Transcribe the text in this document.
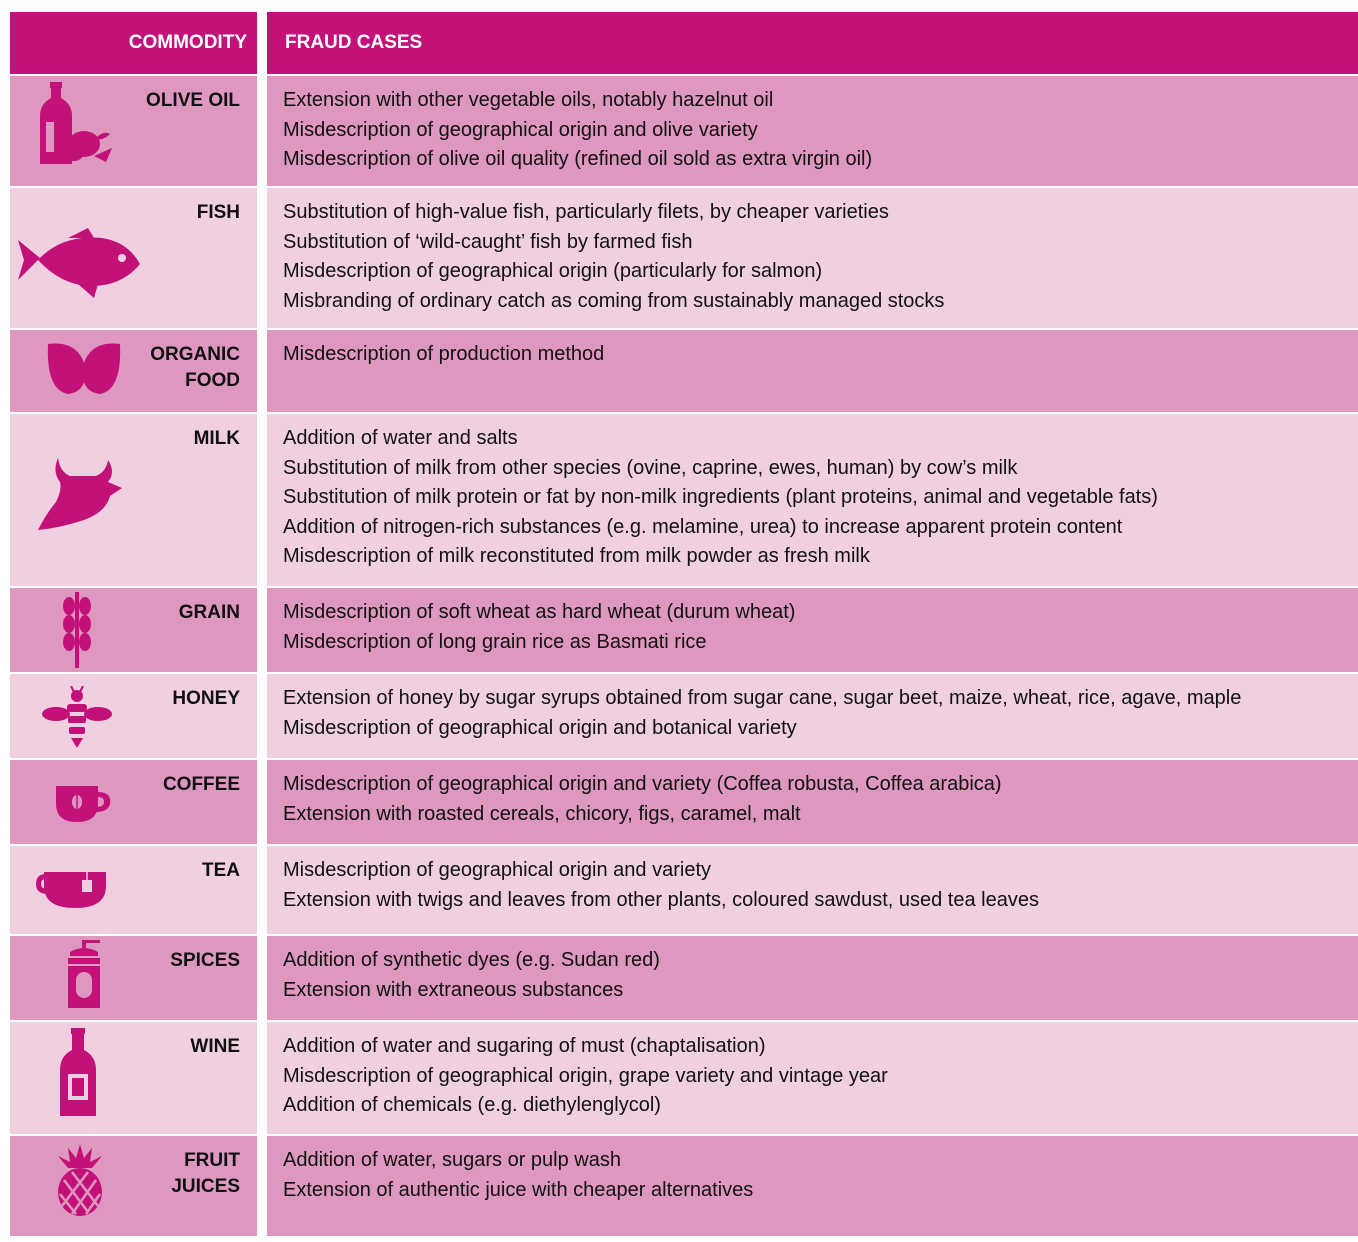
COMMODITY	FRAUD CASES
OLIVE OIL Extension with other vegetable oils, notably hazelnut oil
Misdescription of geographical origin and olive variety
Misdescription of olive oil quality (refined oil sold as extra virgin oil)
FISH Substitution of high-value fish, particularly filets, by cheaper varieties
Substitution of ‘wild-caught’ fish by farmed fish
Misdescription of geographical origin (particularly for salmon)
Misbranding of ordinary catch as coming from sustainably managed stocks
ORGANIC
FOOD
Misdescription of production method
MILK Addition of water and salts
Substitution of milk from other species (ovine, caprine, ewes, human) by cow’s milk
Substitution of milk protein or fat by non-milk ingredients (plant proteins, animal and vegetable fats)
Addition of nitrogen-rich substances (e.g. melamine, urea) to increase apparent protein content
Misdescription of milk reconstituted from milk powder as fresh milk
GRAIN Misdescription of soft wheat as hard wheat (durum wheat)
Misdescription of long grain rice as Basmati rice
HONEY Extension of honey by sugar syrups obtained from sugar cane, sugar beet, maize, wheat, rice, agave, maple
Misdescription of geographical origin and botanical variety
COFFEE Misdescription of geographical origin and variety (Coffea robusta, Coffea arabica)
Extension with roasted cereals, chicory, figs, caramel, malt
TEA Misdescription of geographical origin and variety
Extension with twigs and leaves from other plants, coloured sawdust, used tea leaves
SPICES Addition of synthetic dyes (e.g. Sudan red)
Extension with extraneous substances
WINE Addition of water and sugaring of must (chaptalisation)
Misdescription of geographical origin, grape variety and vintage year
Addition of chemicals (e.g. diethylenglycol)
FRUIT
JUICES
Addition of water, sugars or pulp wash
Extension of authentic juice with cheaper alternatives
